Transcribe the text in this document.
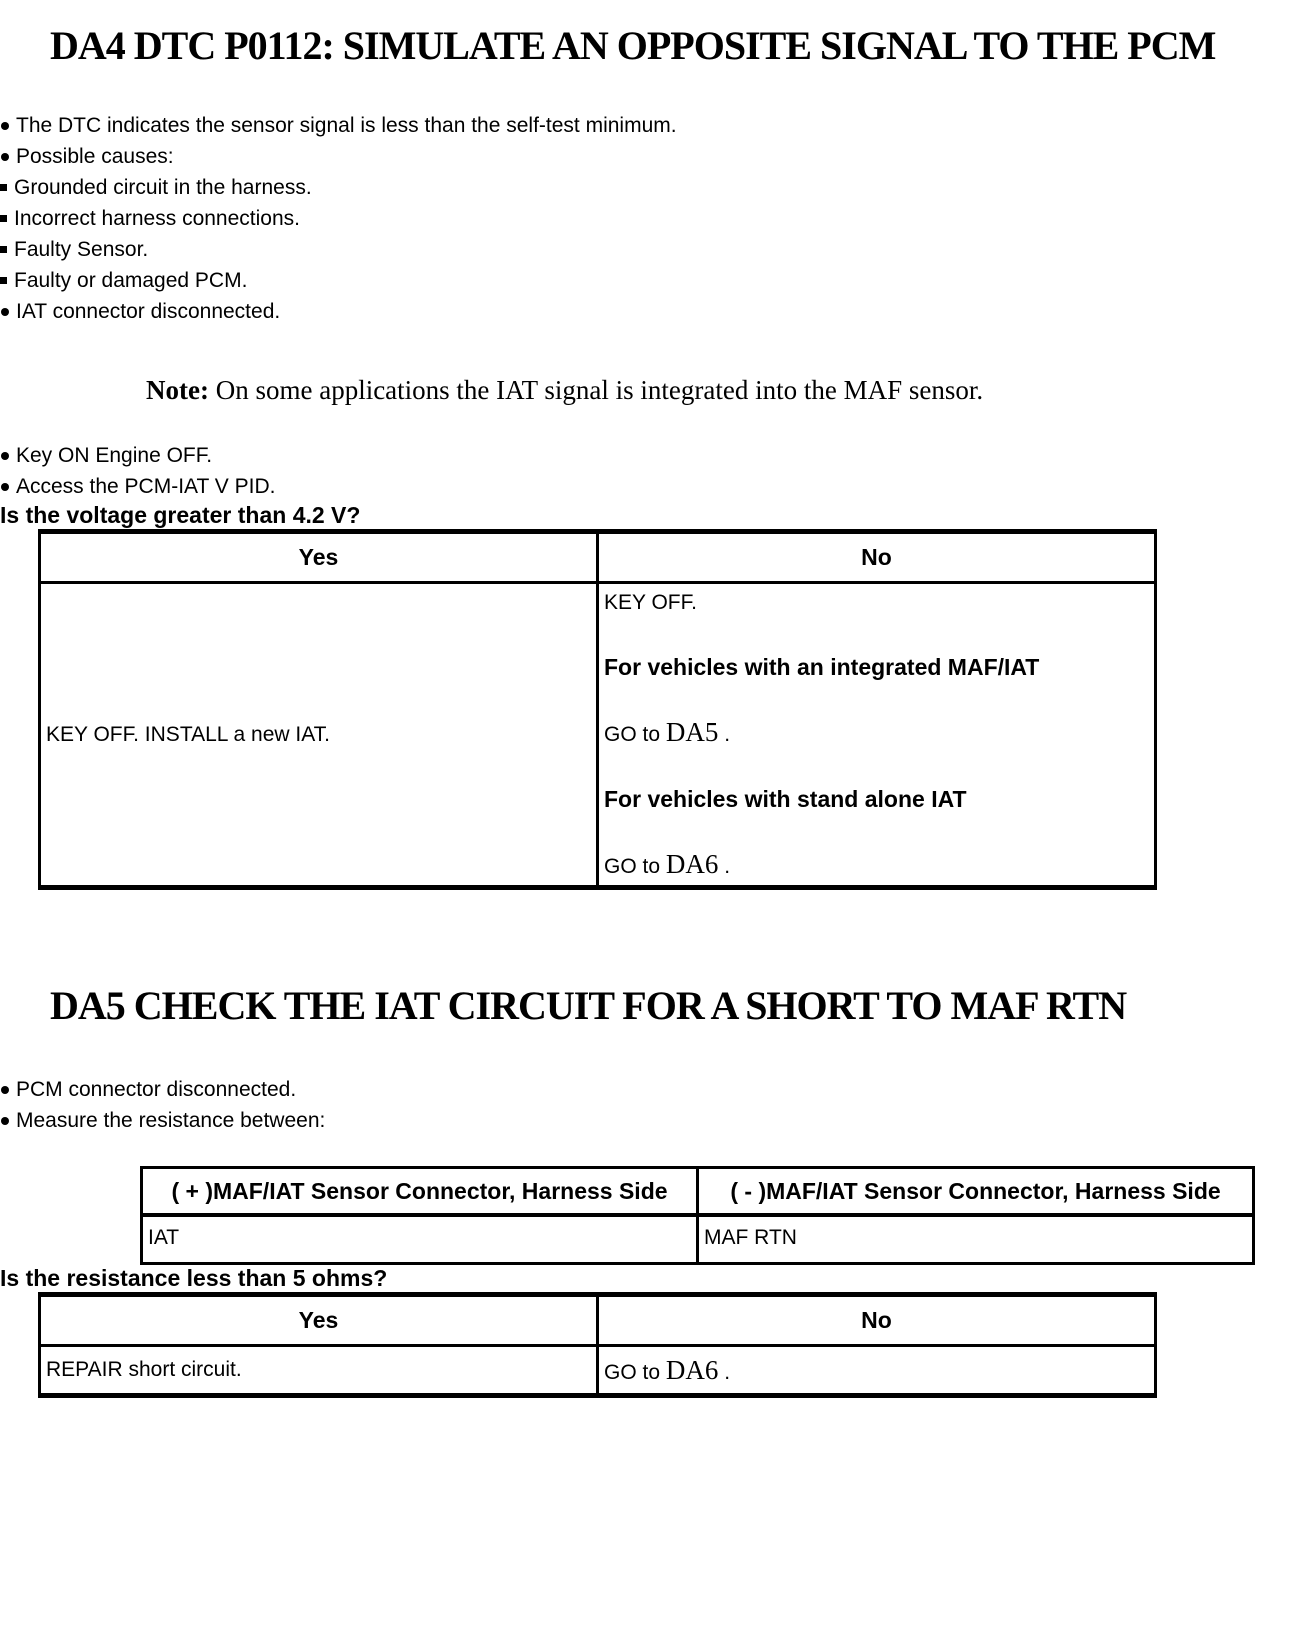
DA4 DTC P0112: SIMULATE AN OPPOSITE SIGNAL TO THE PCM
The DTC indicates the sensor signal is less than the self-test minimum.
Possible causes:
Grounded circuit in the harness.
Incorrect harness connections.
Faulty Sensor.
Faulty or damaged PCM.
IAT connector disconnected.

Note: On some applications the IAT signal is integrated into the MAF sensor.

Key ON Engine OFF.
Access the PCM-IAT V PID.

Is the voltage greater than 4.2 V?

Yes	No
KEY OFF. INSTALL a new IAT.	KEY OFF.

For vehicles with an integrated MAF/IAT

GO to DA5 .

For vehicles with stand alone IAT

GO to DA6 .

DA5 CHECK THE IAT CIRCUIT FOR A SHORT TO MAF RTN
PCM connector disconnected.
Measure the resistance between:
( + )MAF/IAT Sensor Connector, Harness Side	( - )MAF/IAT Sensor Connector, Harness Side
IAT	MAF RTN

Is the resistance less than 5 ohms?

Yes	No
REPAIR short circuit.	GO to DA6 .
